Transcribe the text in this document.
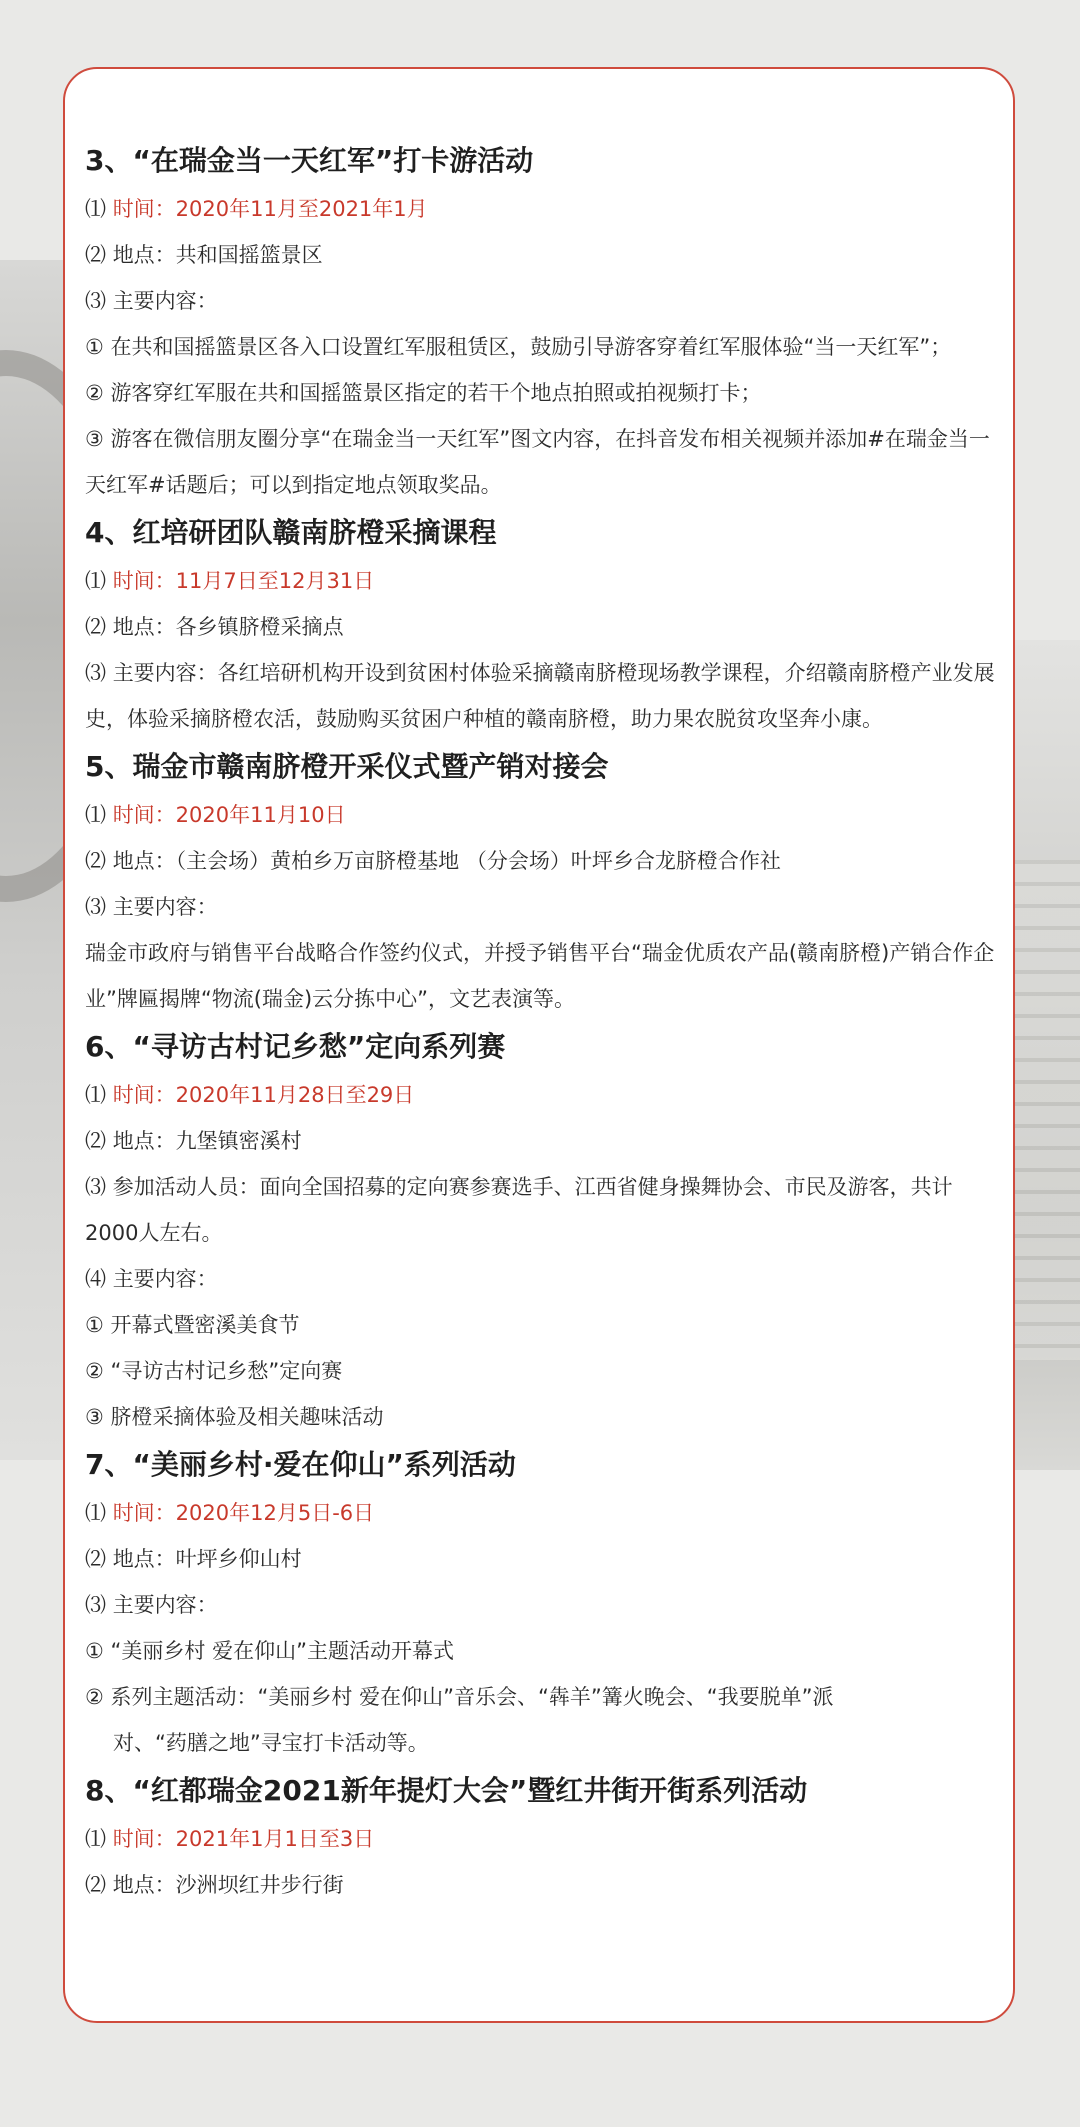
3、“在瑞金当一天红军”打卡游活动
⑴ 时间：2020年11月至2021年1月
⑵ 地点：共和国摇篮景区
⑶ 主要内容：
① 在共和国摇篮景区各入口设置红军服租赁区，鼓励引导游客穿着红军服体验“当一天红军”；
② 游客穿红军服在共和国摇篮景区指定的若干个地点拍照或拍视频打卡；
③ 游客在微信朋友圈分享“在瑞金当一天红军”图文内容，在抖音发布相关视频并添加#在瑞金当一天红军#话题后；可以到指定地点领取奖品。
4、红培研团队赣南脐橙采摘课程
⑴ 时间：11月7日至12月31日
⑵ 地点：各乡镇脐橙采摘点
⑶ 主要内容：各红培研机构开设到贫困村体验采摘赣南脐橙现场教学课程，介绍赣南脐橙产业发展史，体验采摘脐橙农活，鼓励购买贫困户种植的赣南脐橙，助力果农脱贫攻坚奔小康。
5、瑞金市赣南脐橙开采仪式暨产销对接会
⑴ 时间：2020年11月10日
⑵ 地点：（主会场）黄柏乡万亩脐橙基地 （分会场）叶坪乡合龙脐橙合作社
⑶ 主要内容：
瑞金市政府与销售平台战略合作签约仪式，并授予销售平台“瑞金优质农产品(赣南脐橙)产销合作企业”牌匾揭牌“物流(瑞金)云分拣中心”，文艺表演等。
6、“寻访古村记乡愁”定向系列赛
⑴ 时间：2020年11月28日至29日
⑵ 地点：九堡镇密溪村
⑶ 参加活动人员：面向全国招募的定向赛参赛选手、江西省健身操舞协会、市民及游客，共计2000人左右。
⑷ 主要内容：
① 开幕式暨密溪美食节
② “寻访古村记乡愁”定向赛
③ 脐橙采摘体验及相关趣味活动
7、“美丽乡村·爱在仰山”系列活动
⑴ 时间：2020年12月5日-6日
⑵ 地点：叶坪乡仰山村
⑶ 主要内容：
① “美丽乡村 爱在仰山”主题活动开幕式
② 系列主题活动：“美丽乡村 爱在仰山”音乐会、“犇羊”篝火晚会、“我要脱单”派
对、“药膳之地”寻宝打卡活动等。
8、“红都瑞金2021新年提灯大会”暨红井街开街系列活动
⑴ 时间：2021年1月1日至3日
⑵ 地点：沙洲坝红井步行街
